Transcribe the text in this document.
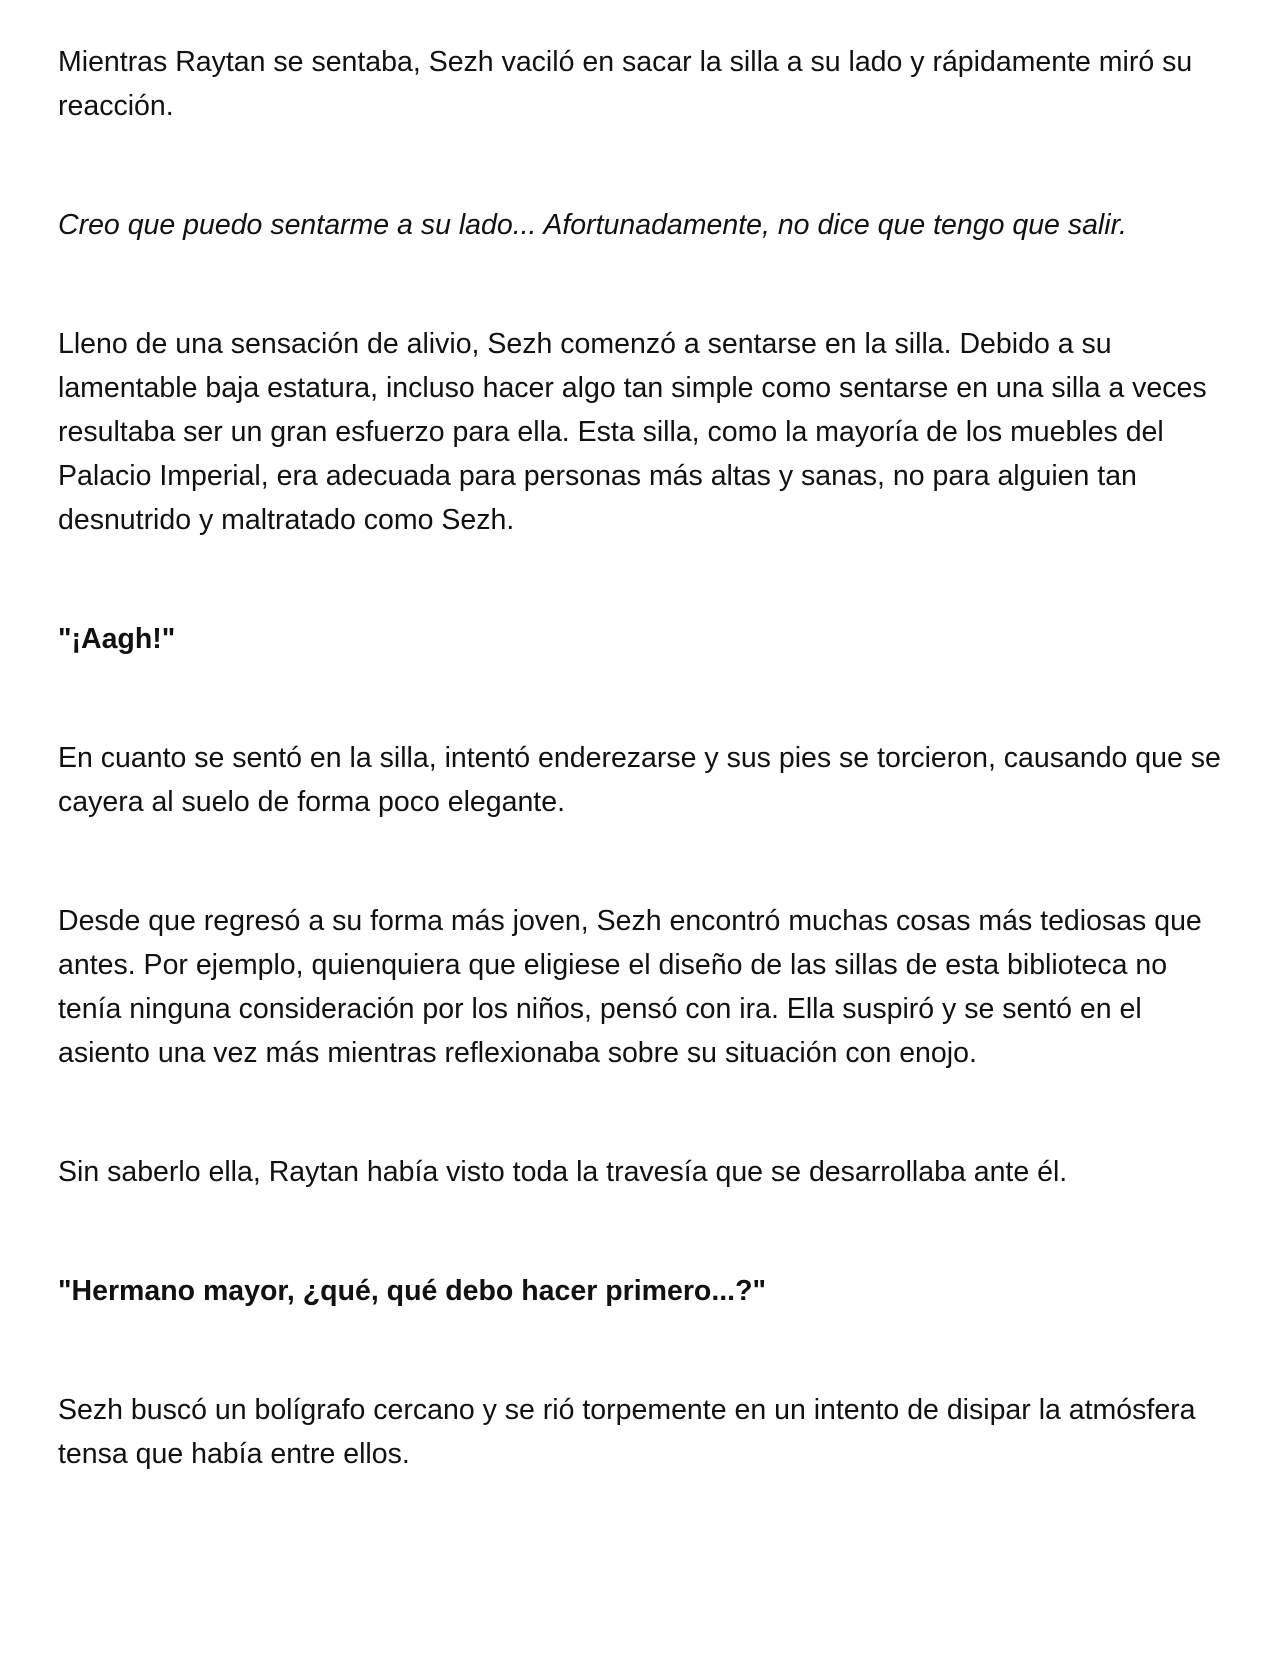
Mientras Raytan se sentaba, Sezh vaciló en sacar la silla a su lado y rápidamente miró su reacción.

Creo que puedo sentarme a su lado... Afortunadamente, no dice que tengo que salir.

Lleno de una sensación de alivio, Sezh comenzó a sentarse en la silla. Debido a su lamentable baja estatura, incluso hacer algo tan simple como sentarse en una silla a veces resultaba ser un gran esfuerzo para ella. Esta silla, como la mayoría de los muebles del Palacio Imperial, era adecuada para personas más altas y sanas, no para alguien tan desnutrido y maltratado como Sezh.

"¡Aagh!"

En cuanto se sentó en la silla, intentó enderezarse y sus pies se torcieron, causando que se cayera al suelo de forma poco elegante.

Desde que regresó a su forma más joven, Sezh encontró muchas cosas más tediosas que antes. Por ejemplo, quienquiera que eligiese el diseño de las sillas de esta biblioteca no tenía ninguna consideración por los niños, pensó con ira. Ella suspiró y se sentó en el asiento una vez más mientras reflexionaba sobre su situación con enojo.

Sin saberlo ella, Raytan había visto toda la travesía que se desarrollaba ante él.

"Hermano mayor, ¿qué, qué debo hacer primero...?"

Sezh buscó un bolígrafo cercano y se rió torpemente en un intento de disipar la atmósfera tensa que había entre ellos.
